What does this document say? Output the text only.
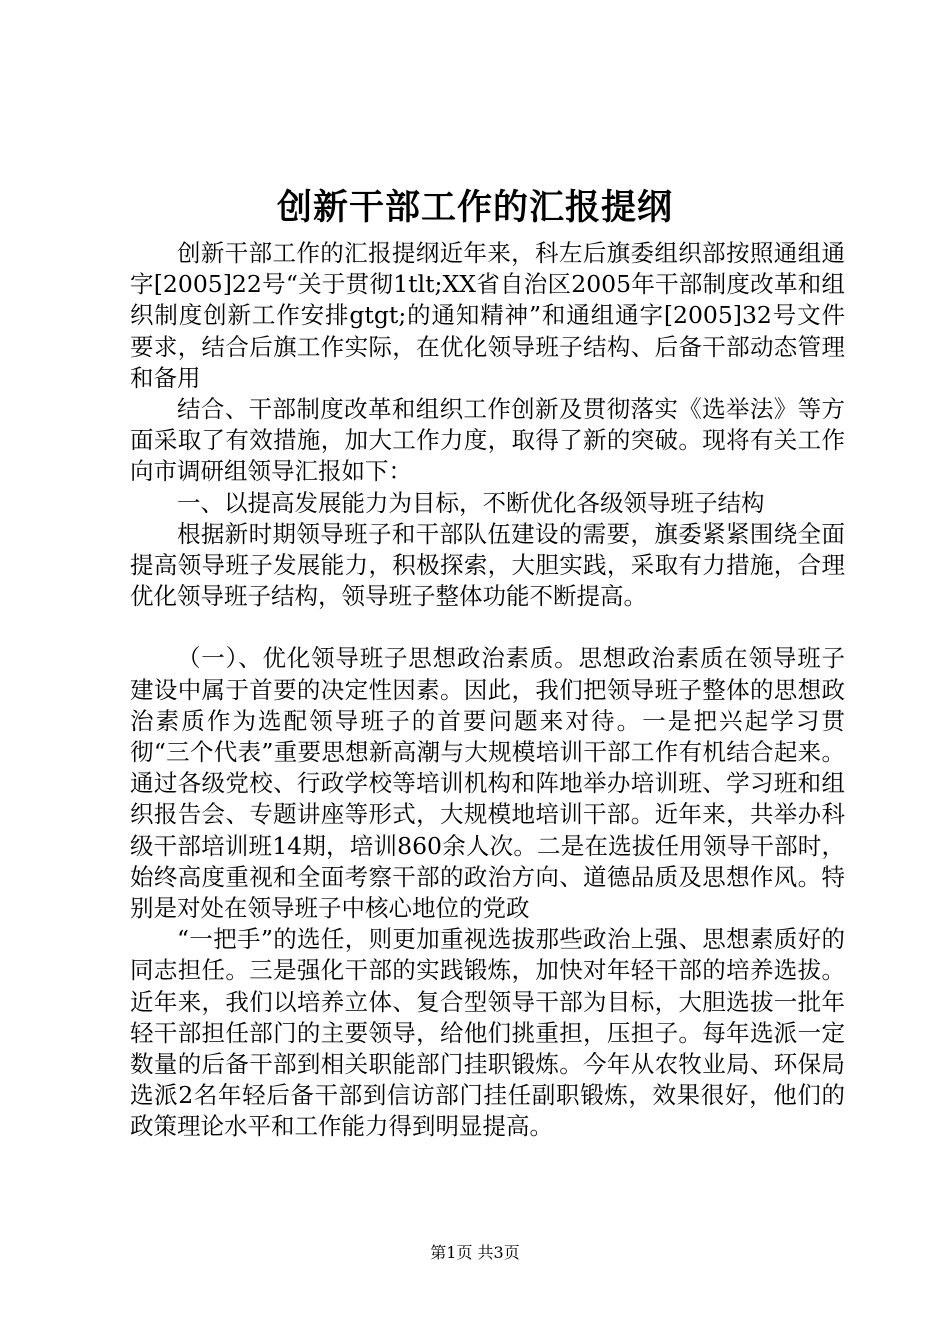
创新干部工作的汇报提纲

创新干部工作的汇报提纲近年来，科左后旗委组织部按照通组通字[2005]22号“关于贯彻1tlt;XX省自治区2005年干部制度改革和组织制度创新工作安排gtgt;的通知精神”和通组通字[2005]32号文件要求，结合后旗工作实际，在优化领导班子结构、后备干部动态管理和备用

结合、干部制度改革和组织工作创新及贯彻落实《选举法》等方面采取了有效措施，加大工作力度，取得了新的突破。现将有关工作向市调研组领导汇报如下：

一、以提高发展能力为目标，不断优化各级领导班子结构

根据新时期领导班子和干部队伍建设的需要，旗委紧紧围绕全面提高领导班子发展能力，积极探索，大胆实践，采取有力措施，合理优化领导班子结构，领导班子整体功能不断提高。

（一）、优化领导班子思想政治素质。思想政治素质在领导班子建设中属于首要的决定性因素。因此，我们把领导班子整体的思想政治素质作为选配领导班子的首要问题来对待。一是把兴起学习贯彻“三个代表”重要思想新高潮与大规模培训干部工作有机结合起来。通过各级党校、行政学校等培训机构和阵地举办培训班、学习班和组织报告会、专题讲座等形式，大规模地培训干部。近年来，共举办科级干部培训班14期，培训860余人次。二是在选拔任用领导干部时，始终高度重视和全面考察干部的政治方向、道德品质及思想作风。特别是对处在领导班子中核心地位的党政

“一把手”的选任，则更加重视选拔那些政治上强、思想素质好的同志担任。三是强化干部的实践锻炼，加快对年轻干部的培养选拔。近年来，我们以培养立体、复合型领导干部为目标，大胆选拔一批年轻干部担任部门的主要领导，给他们挑重担，压担子。每年选派一定数量的后备干部到相关职能部门挂职锻炼。今年从农牧业局、环保局选派2名年轻后备干部到信访部门挂任副职锻炼，效果很好，他们的政策理论水平和工作能力得到明显提高。

第1页 共3页
